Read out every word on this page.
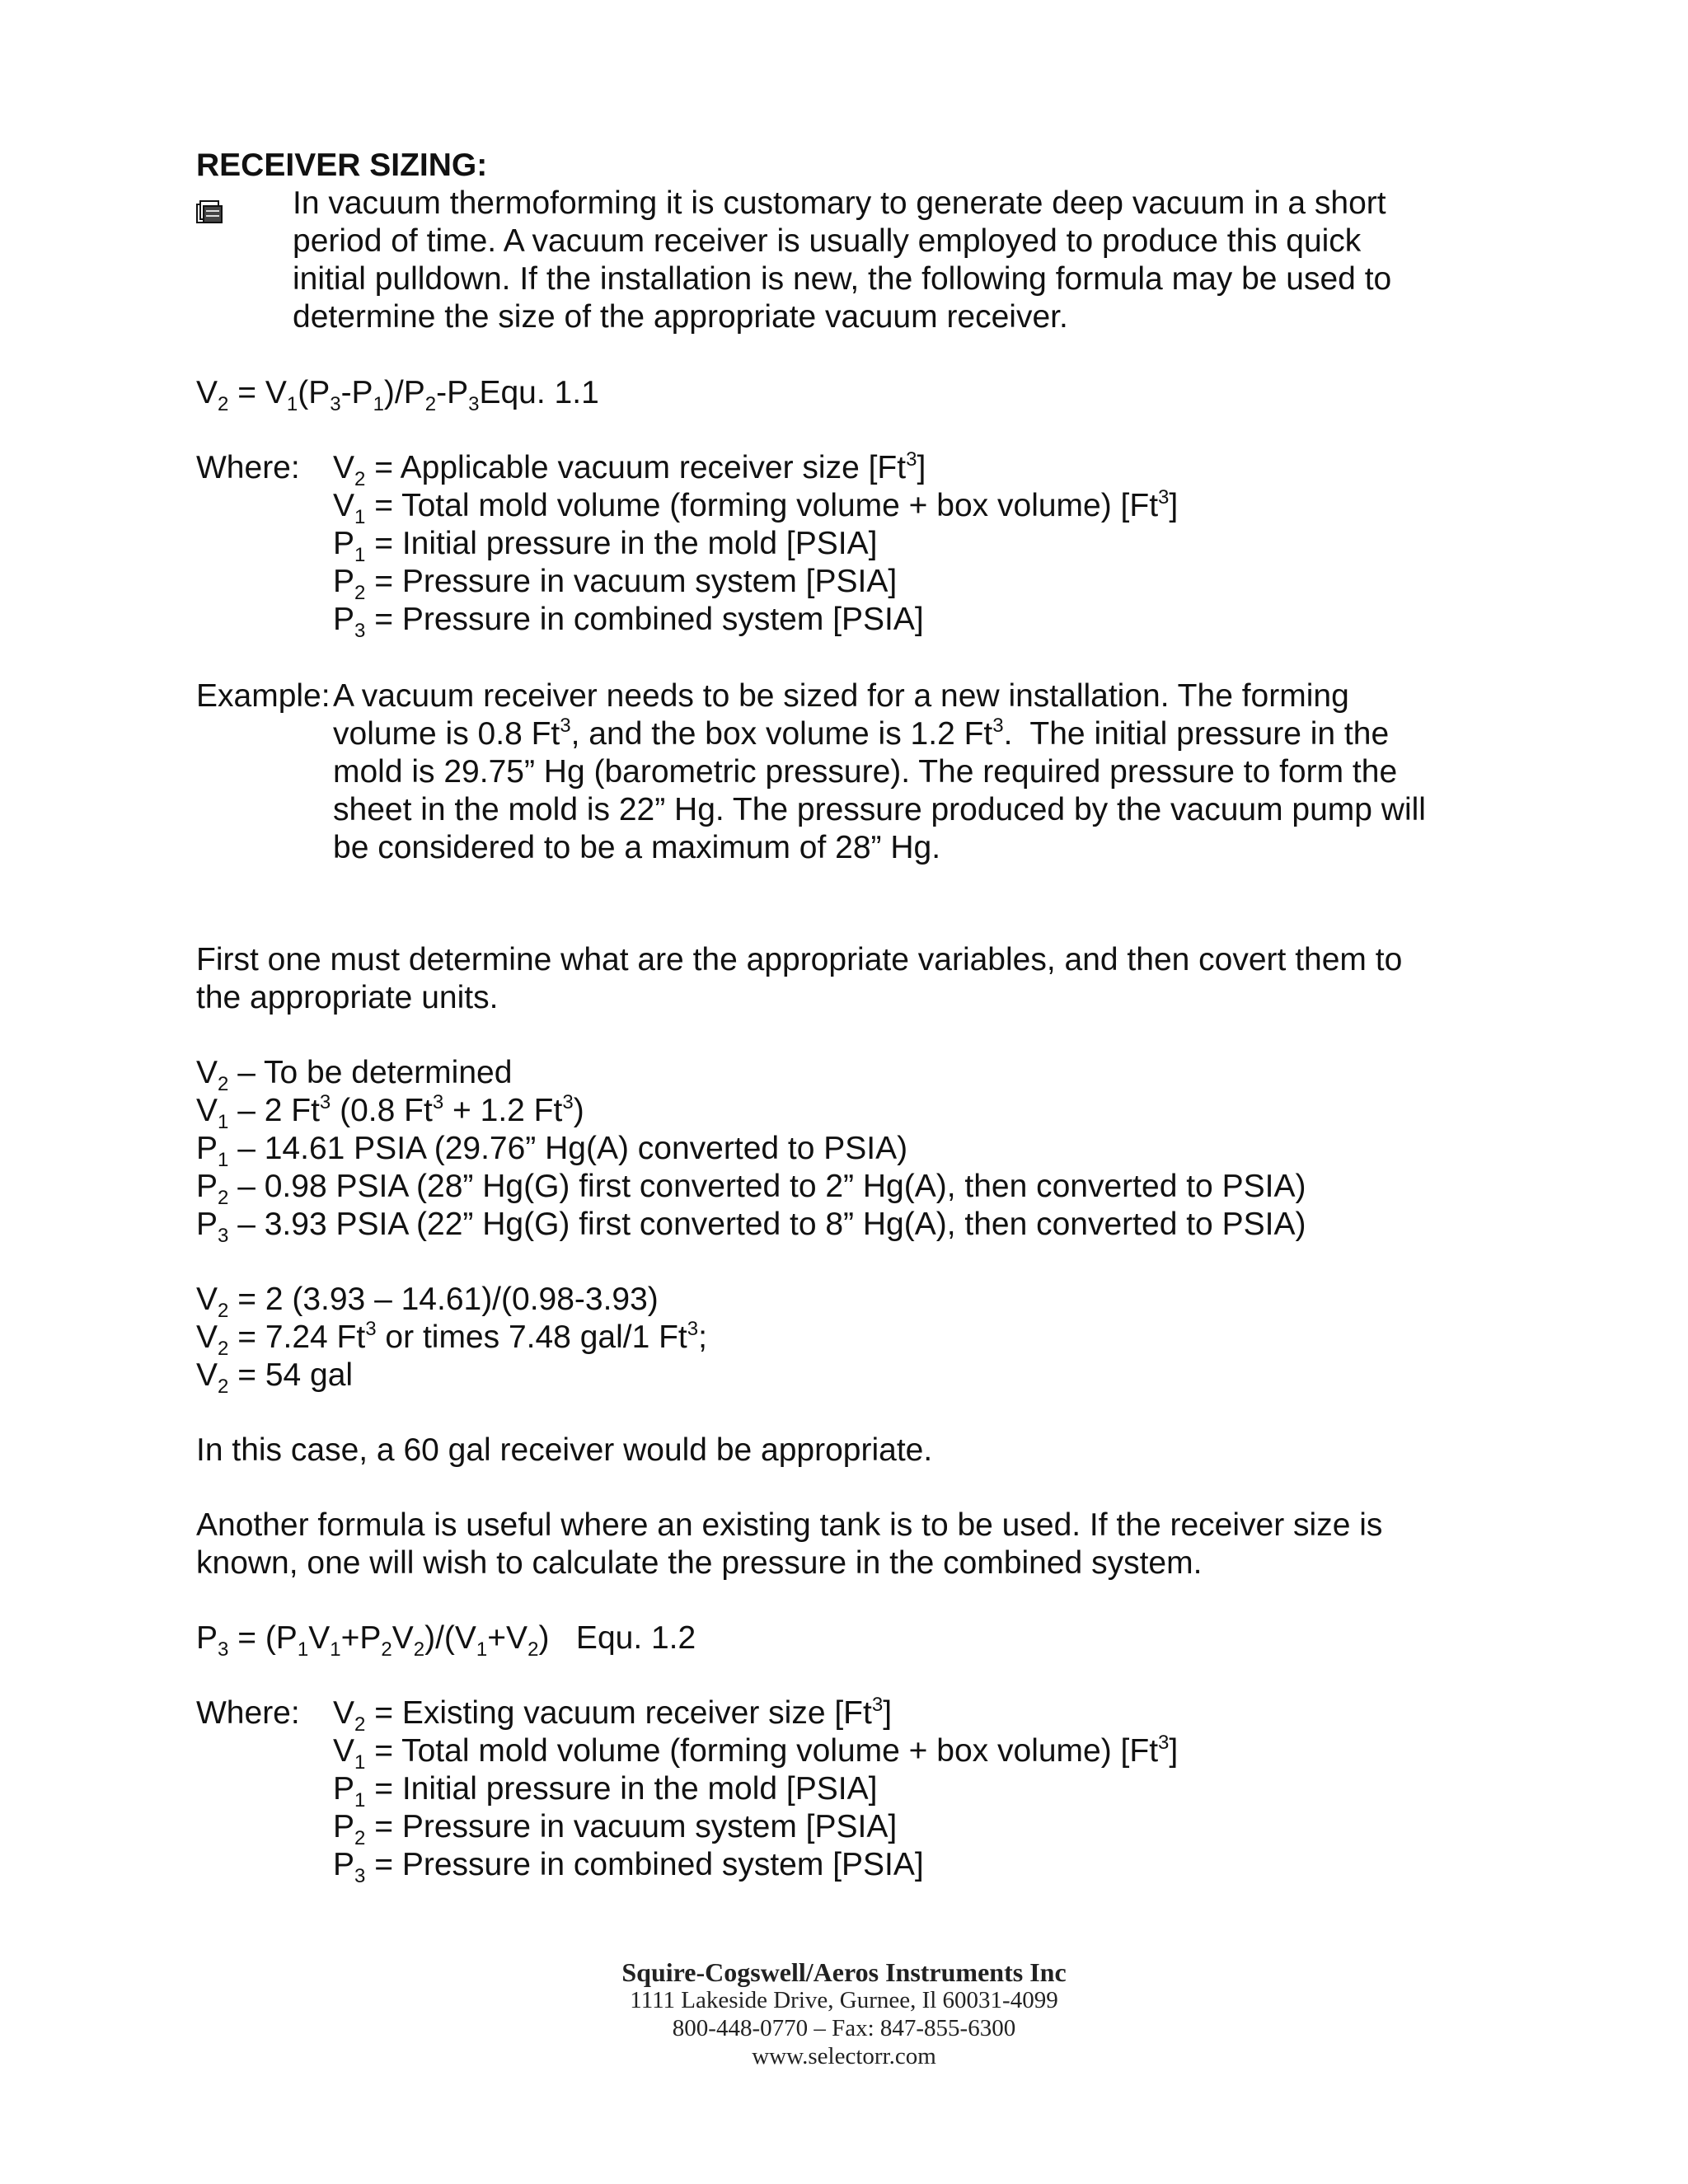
RECEIVER SIZING:
In vacuum thermoforming it is customary to generate deep vacuum in a short
period of time. A vacuum receiver is usually employed to produce this quick
initial pulldown. If the installation is new, the following formula may be used to
determine the size of the appropriate vacuum receiver.
$V_2 = V_1(P_3-P_1)/P_2-P_3Equ$. 1.1
Where: $V_2$ = Applicable vacuum receiver size [Ft$^3$]
$V_1$ = Total mold volume (forming volume + box volume) [Ft$^3$]
$P_1$ = Initial pressure in the mold [PSIA]
$P_2$ = Pressure in vacuum system [PSIA]
$P_3$ = Pressure in combined system [PSIA]
Example: A vacuum receiver needs to be sized for a new installation. The forming
volume is 0.8 Ft$^3$, and the box volume is 1.2 Ft$^3$.  The initial pressure in the
mold is 29.75” Hg (barometric pressure). The required pressure to form the
sheet in the mold is 22” Hg. The pressure produced by the vacuum pump will
be considered to be a maximum of 28” Hg.
First one must determine what are the appropriate variables, and then covert them to
the appropriate units.
$V_2$ – To be determined
$V_1 - 2$ Ft$^3$ (0.8 $Ft^3 + 1.2$ Ft$^3$)
$P_1 - 14.61$ PSIA (29.76” Hg(A) converted to PSIA)
$P_2 - 0.98$ PSIA (28” Hg(G) first converted to 2” Hg(A), then converted to PSIA)
$P_3 - 3.93$ PSIA (22” Hg(G) first converted to 8” Hg(A), then converted to PSIA)
$V_2 = 2$ (3.93 – 14.61)/(0.98-3.93)
$V_2 = 7.24$ Ft$^3$ or times 7.48 gal/1 Ft$^3$;
$V_2 = 54$ gal
In this case, a 60 gal receiver would be appropriate.
Another formula is useful where an existing tank is to be used. If the receiver size is
known, one will wish to calculate the pressure in the combined system.
$P_3 = (P_1V_1+P_2V_2)/(V_1+V_2)$   Equ. 1.2
Where: $V_2$ = Existing vacuum receiver size [Ft$^3$]
$V_1$ = Total mold volume (forming volume + box volume) [Ft$^3$]
$P_1$ = Initial pressure in the mold [PSIA]
$P_2$ = Pressure in vacuum system [PSIA]
$P_3$ = Pressure in combined system [PSIA]
Squire-Cogswell/Aeros Instruments Inc
1111 Lakeside Drive, Gurnee, Il 60031-4099
800-448-0770 – Fax: 847-855-6300
www.selectorr.com
